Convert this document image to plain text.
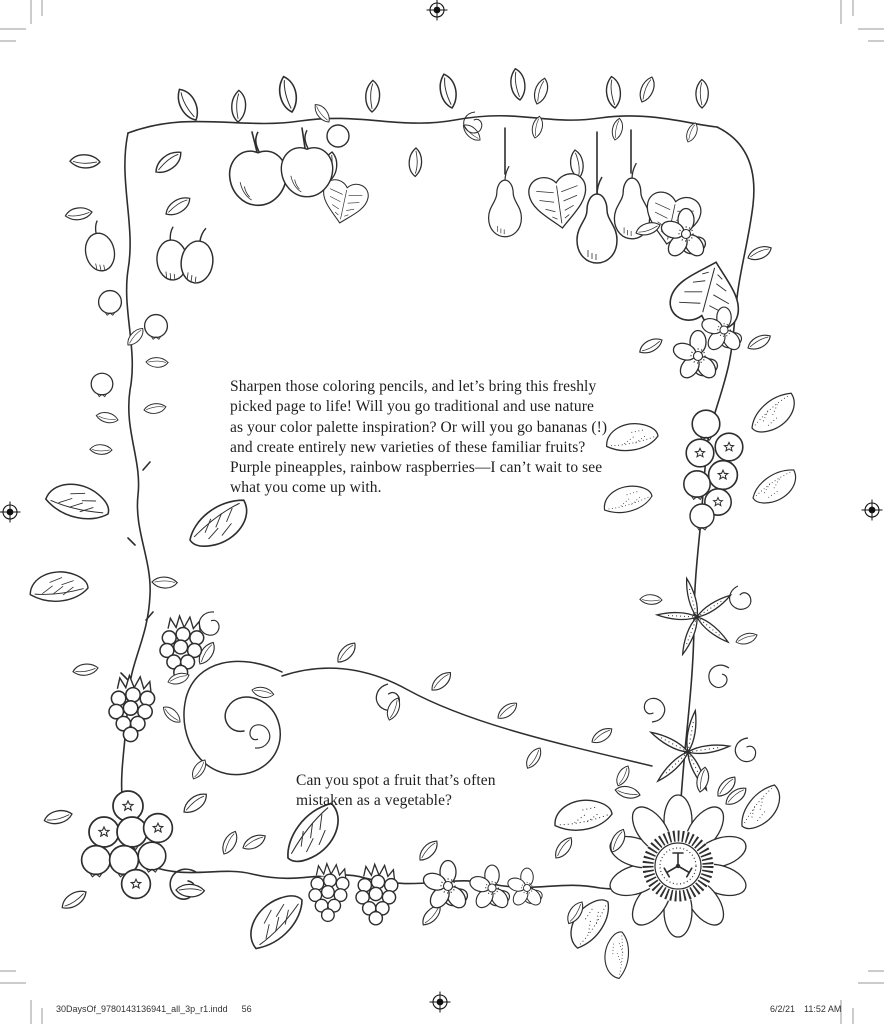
Sharpen those coloring pencils, and let’s bring this freshly
picked page to life! Will you go traditional and use nature
as your color palette inspiration? Or will you go bananas (!)
and create entirely new varieties of these familiar fruits?
Purple pineapples, rainbow raspberries—I can’t wait to see
what you come up with.
Can you spot a fruit that’s often
mistaken as a vegetable?
30DaysOf_9780143136941_all_3p_r1.indd 56	6/2/21 11:52 AM
